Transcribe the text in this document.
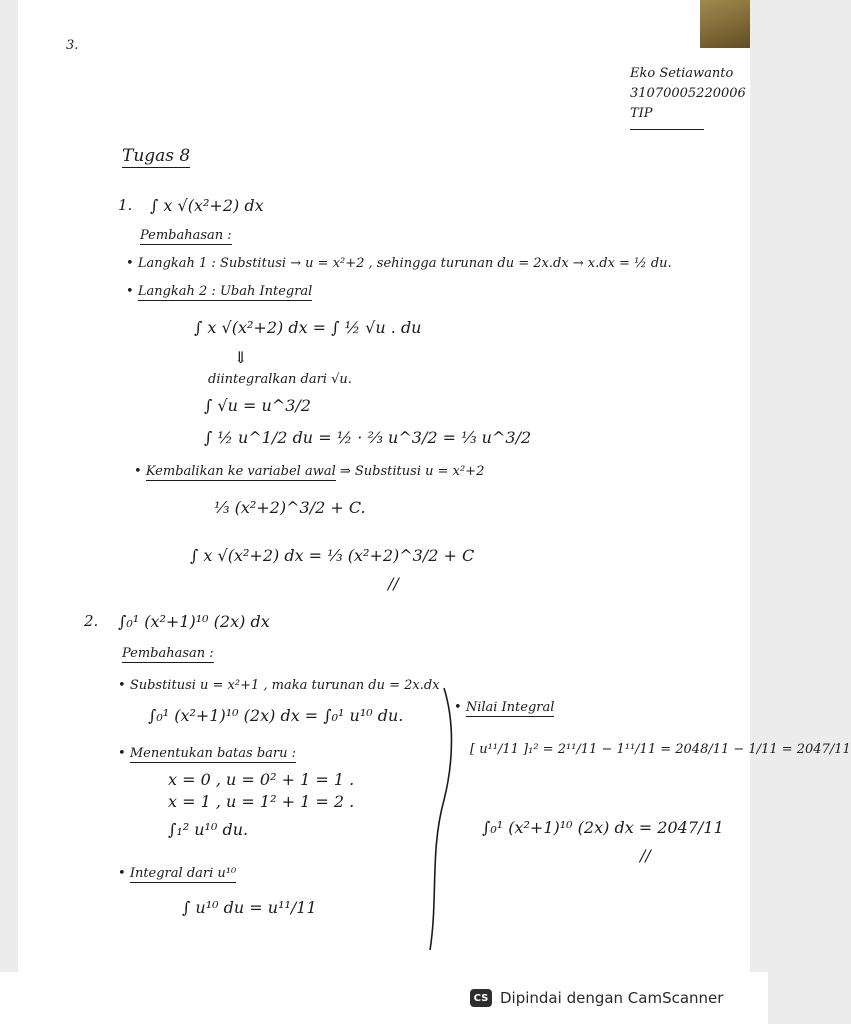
3.
Eko Setiawanto
31070005220006
TIP
Tugas 8
1. ∫ x √(x²+2) dx
Pembahasan :
• Langkah 1 : Substitusi → u = x²+2 , sehingga turunan du = 2x.dx → x.dx = ½ du.
• Langkah 2 : Ubah Integral
∫ x √(x²+2) dx = ∫ ½ √u . du
⇓
diintegralkan dari √u.
∫ √u = u^3/2
∫ ½ u^1/2 du = ½ · ⅔ u^3/2 = ⅓ u^3/2
• Kembalikan ke variabel awal ⇒ Substitusi u = x²+2
⅓ (x²+2)^3/2 + C.
∫ x √(x²+2) dx = ⅓ (x²+2)^3/2 + C
//
2. ∫₀¹ (x²+1)¹⁰ (2x) dx
Pembahasan :
• Substitusi u = x²+1 , maka turunan du = 2x.dx
∫₀¹ (x²+1)¹⁰ (2x) dx = ∫₀¹ u¹⁰ du.
• Menentukan batas baru :
x = 0 , u = 0² + 1 = 1 .
x = 1 , u = 1² + 1 = 2 .
∫₁² u¹⁰ du.
• Integral dari u¹⁰
∫ u¹⁰ du = u¹¹/11
• Nilai Integral
[ u¹¹/11 ]₁² = 2¹¹/11 − 1¹¹/11 = 2048/11 − 1/11 = 2047/11
∫₀¹ (x²+1)¹⁰ (2x) dx = 2047/11
//
CS Dipindai dengan CamScanner
